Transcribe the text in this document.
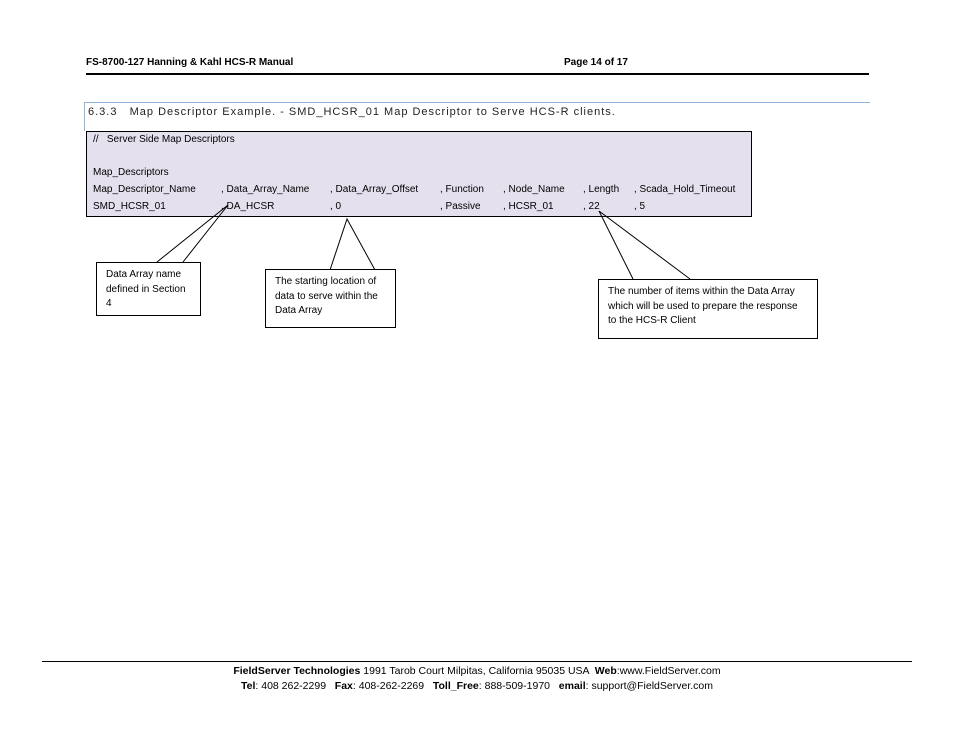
FS-8700-127 Hanning & Kahl HCS-R Manual	Page 14 of 17
6.3.3   Map Descriptor Example. - SMD_HCSR_01 Map Descriptor to Serve HCS-R clients.
//   Server Side Map Descriptors
Map_Descriptors
Map_Descriptor_Name	, Data_Array_Name , Data_Array_Offset , Function , Node_Name , Length , Scada_Hold_Timeout
SMD_HCSR_01	, DA_HCSR	, 0	, Passive , HCSR_01	, 22	, 5
Data Array name defined in Section 4
The starting location of data to serve within the Data Array
The number of items within the Data Array which will be used to prepare the response to the HCS-R Client
FieldServer Technologies 1991 Tarob Court Milpitas, California 95035 USA  Web:www.FieldServer.com
Tel: 408 262-2299   Fax: 408-262-2269   Toll_Free: 888-509-1970   email: support@FieldServer.com
